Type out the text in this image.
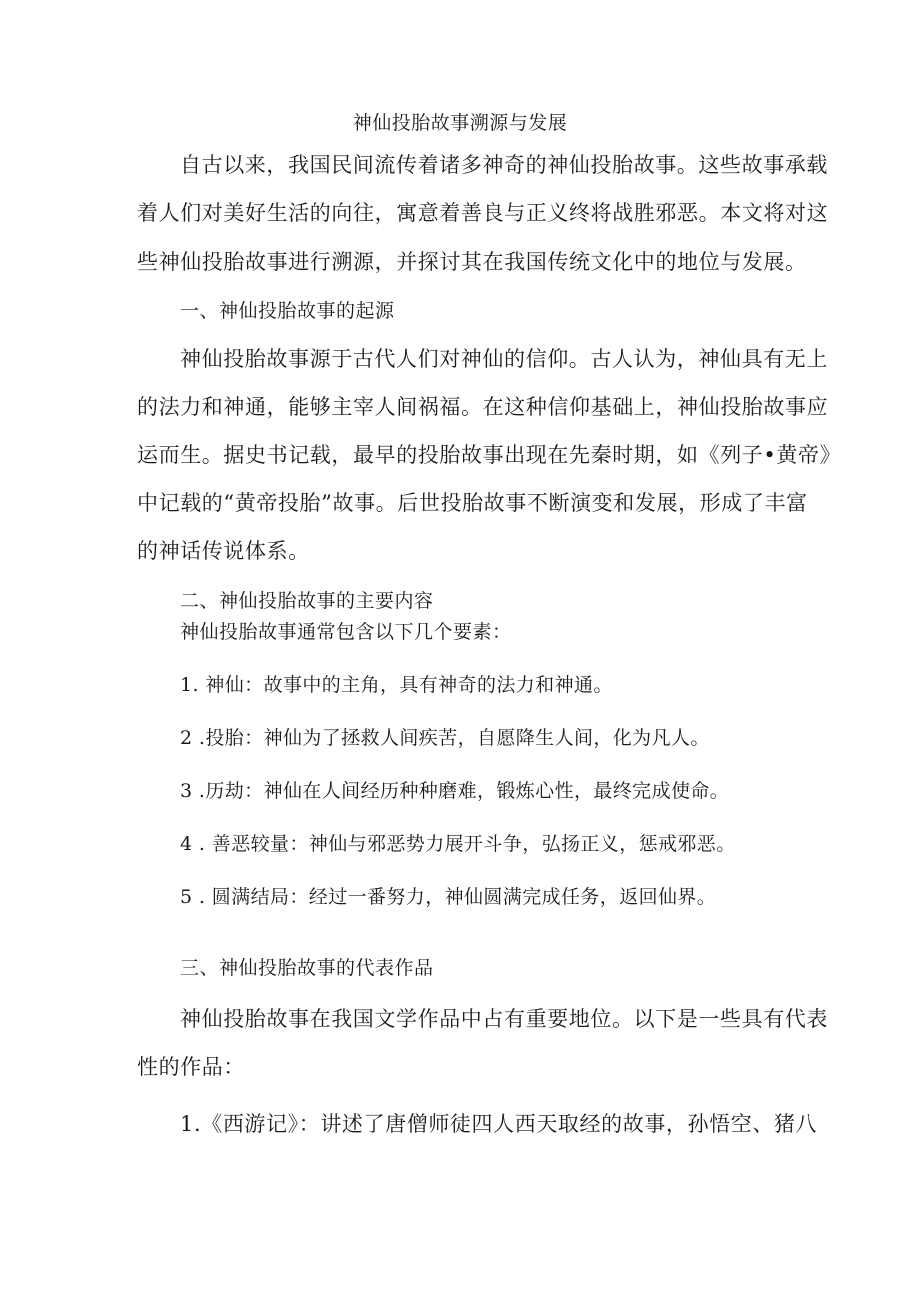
神仙投胎故事溯源与发展
自古以来，我国民间流传着诸多神奇的神仙投胎故事。这些故事承载
着人们对美好生活的向往，寓意着善良与正义终将战胜邪恶。本文将对这
些神仙投胎故事进行溯源，并探讨其在我国传统文化中的地位与发展。
一、神仙投胎故事的起源
神仙投胎故事源于古代人们对神仙的信仰。古人认为，神仙具有无上
的法力和神通，能够主宰人间祸福。在这种信仰基础上，神仙投胎故事应
运而生。据史书记载，最早的投胎故事出现在先秦时期，如《列子•黄帝》
中记载的“黄帝投胎”故事。后世投胎故事不断演变和发展，形成了丰富
的神话传说体系。
二、神仙投胎故事的主要内容
神仙投胎故事通常包含以下几个要素：
1. 神仙：故事中的主角，具有神奇的法力和神通。
2 .投胎：神仙为了拯救人间疾苦，自愿降生人间，化为凡人。
3 .历劫：神仙在人间经历种种磨难，锻炼心性，最终完成使命。
4 . 善恶较量：神仙与邪恶势力展开斗争，弘扬正义，惩戒邪恶。
5 . 圆满结局：经过一番努力，神仙圆满完成任务，返回仙界。
三、神仙投胎故事的代表作品
神仙投胎故事在我国文学作品中占有重要地位。以下是一些具有代表
性的作品：
1.《西游记》：讲述了唐僧师徒四人西天取经的故事，孙悟空、猪八
